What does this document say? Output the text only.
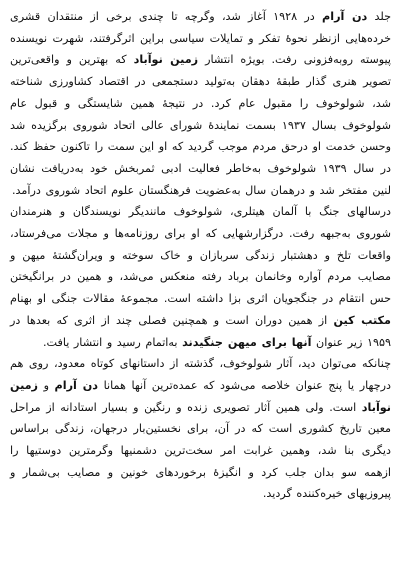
جلد دن آرام در ۱۹۲۸ آغاز شد، وگرچه تا چندی برخی از منتقدان قشری خرده‌هایی ازنظر نحوهٔ تفکر و تمایلات سیاسی براین اثرگرفتند، شهرت نویسنده پیوسته روبه‌فزونی رفت. بویژه انتشار زمین نوآباد که بهترین و واقعی‌ترین تصویر هنری گذار طبقهٔ دهقان به‌تولید دستجمعی در اقتصاد کشاورزی شناخته شد، شولوخوف را مقبول عام کرد. در نتیجهٔ همین شایستگی و قبول عام شولوخوف بسال ۱۹۳۷ بسمت نمایندهٔ شورای عالی اتحاد شوروی برگزیده شد وحسن خدمت او درحق مردم موجب گردید که او این سمت را تاکنون حفظ کند. در سال ۱۹۳۹ شولوخوف به‌خاطر فعالیت ادبی ثمربخش خود به‌دریافت نشان لنین مفتخر شد و درهمان سال به‌عضویت فرهنگستان علوم اتحاد شوروی درآمد.

درسالهای جنگ با آلمان هیتلری، شولوخوف مانندیگر نویسندگان و هنرمندان شوروی به‌جبهه رفت. درگزارشهایی که او برای روزنامه‌ها و مجلات می‌فرستاد، واقعات تلخ و دهشتبار زندگی سربازان و خاک سوخته و ویران‌گشتهٔ میهن و مصایب مردم آواره وخانمان برباد رفته منعکس می‌شد، و همین در برانگیختن حس انتقام در جنگجویان اثری بزا داشته است. مجموعهٔ مقالات جنگی او بهنام مکتب کین از همین دوران است و همچنین فصلی چند از اثری که بعدها در ۱۹۵۹ زیر عنوان آنها برای میهن جنگیدند به‌اتمام رسید و انتشار یافت.

چنانکه می‌توان دید، آثار شولوخوف، گذشته از داستانهای کوتاه معدود، روی هم درچهار یا پنج عنوان خلاصه می‌شود که عمده‌ترین آنها همانا دن آرام و زمین نوآباد است. ولی همین آثار تصویری زنده و رنگین و بسیار استادانه از مراحل معین تاریخ کشوری است که در آن، برای نخستین‌بار درجهان، زندگی براساس دیگری بنا شد، وهمین غرابت امر سخت‌ترین دشمنیها وگرمترین دوستیها را ازهمه سو بدان جلب کرد و انگیزهٔ برخوردهای خونین و مصایب بی‌شمار و پیروزیهای خیره‌کننده گردید.
